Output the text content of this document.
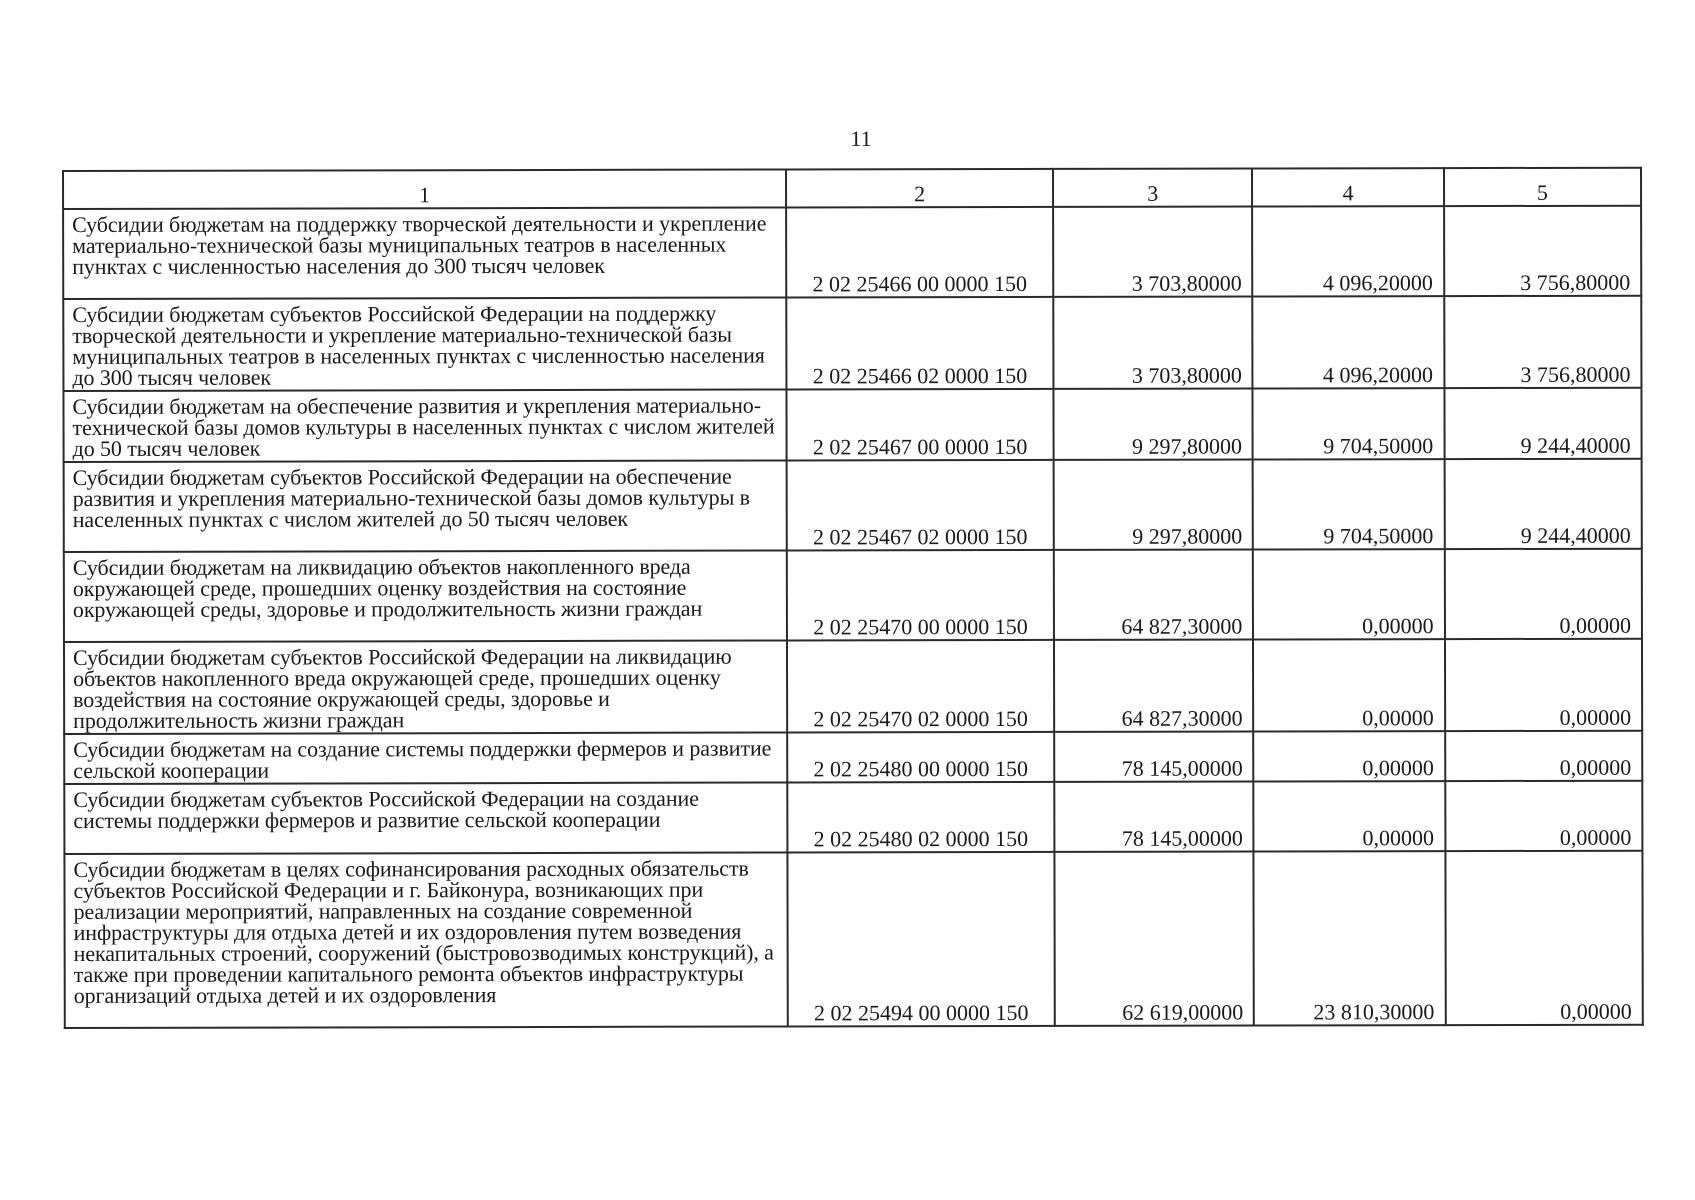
11
1	2	3	4	5
Субсидии бюджетам на поддержку творческой деятельности и укрепление материально-технической базы муниципальных театров в населенных пунктах с численностью населения до 300 тысяч человек	2 02 25466 00 0000 150	3 703,80000	4 096,20000	3 756,80000
Субсидии бюджетам субъектов Российской Федерации на поддержку творческой деятельности и укрепление материально-технической базы муниципальных театров в населенных пунктах с численностью населения до 300 тысяч человек	2 02 25466 02 0000 150	3 703,80000	4 096,20000	3 756,80000
Субсидии бюджетам на обеспечение развития и укрепления материально-технической базы домов культуры в населенных пунктах с числом жителей до 50 тысяч человек	2 02 25467 00 0000 150	9 297,80000	9 704,50000	9 244,40000
Субсидии бюджетам субъектов Российской Федерации на обеспечение развития и укрепления материально-технической базы домов культуры в населенных пунктах с числом жителей до 50 тысяч человек	2 02 25467 02 0000 150	9 297,80000	9 704,50000	9 244,40000
Субсидии бюджетам на ликвидацию объектов накопленного вреда окружающей среде, прошедших оценку воздействия на состояние окружающей среды, здоровье и продолжительность жизни граждан	2 02 25470 00 0000 150	64 827,30000	0,00000	0,00000
Субсидии бюджетам субъектов Российской Федерации на ликвидацию объектов накопленного вреда окружающей среде, прошедших оценку воздействия на состояние окружающей среды, здоровье и продолжительность жизни граждан	2 02 25470 02 0000 150	64 827,30000	0,00000	0,00000
Субсидии бюджетам на создание системы поддержки фермеров и развитие сельской кооперации	2 02 25480 00 0000 150	78 145,00000	0,00000	0,00000
Субсидии бюджетам субъектов Российской Федерации на создание системы поддержки фермеров и развитие сельской кооперации	2 02 25480 02 0000 150	78 145,00000	0,00000	0,00000
Субсидии бюджетам в целях софинансирования расходных обязательств субъектов Российской Федерации и г. Байконура, возникающих при реализации мероприятий, направленных на создание современной инфраструктуры для отдыха детей и их оздоровления путем возведения некапитальных строений, сооружений (быстровозводимых конструкций), а также при проведении капитального ремонта объектов инфраструктуры организаций отдыха детей и их оздоровления	2 02 25494 00 0000 150	62 619,00000	23 810,30000	0,00000
